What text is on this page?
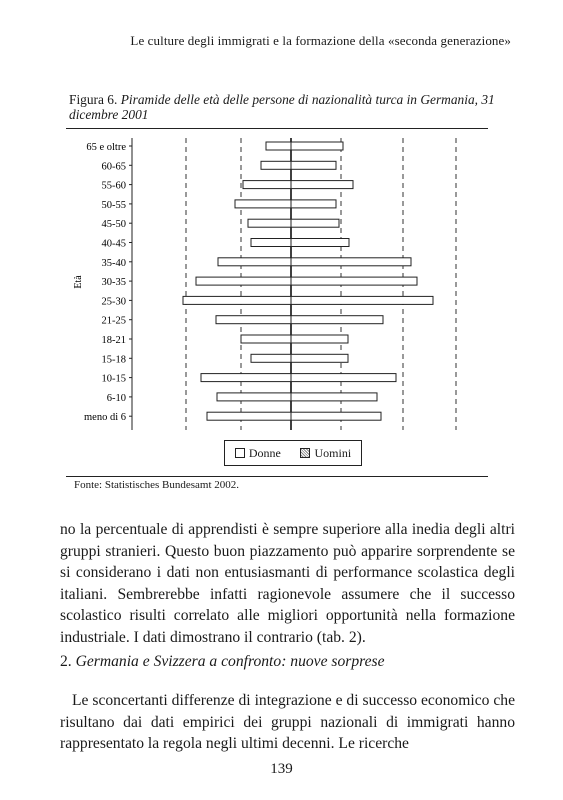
Le culture degli immigrati e la formazione della «seconda generazione»
Figura 6. Piramide delle età delle persone di nazionalità turca in Germania, 31 dicembre 2001
Età
65 e oltre
60-65
55-60
50-55
45-50
40-45
35-40
30-35
25-30
21-25
18-21
15-18
10-15
6-10
meno di 6
Donne	Uomini
Fonte: Statistisches Bundesamt 2002.

no la percentuale di apprendisti è sempre superiore alla inedia degli altri gruppi stranieri. Questo buon piazzamento può apparire sorprendente se si considerano i dati non entusiasmanti di performance scolastica degli italiani. Sembrerebbe infatti ragionevole assumere che il successo scolastico risulti correlato alle migliori opportunità nella formazione industriale. I dati dimostrano il contrario (tab. 2).

2. Germania e Svizzera a confronto: nuove sorprese

Le sconcertanti differenze di integrazione e di successo economico che risultano dai dati empirici dei gruppi nazionali di immigrati hanno rappresentato la regola negli ultimi decenni. Le ricerche

139
